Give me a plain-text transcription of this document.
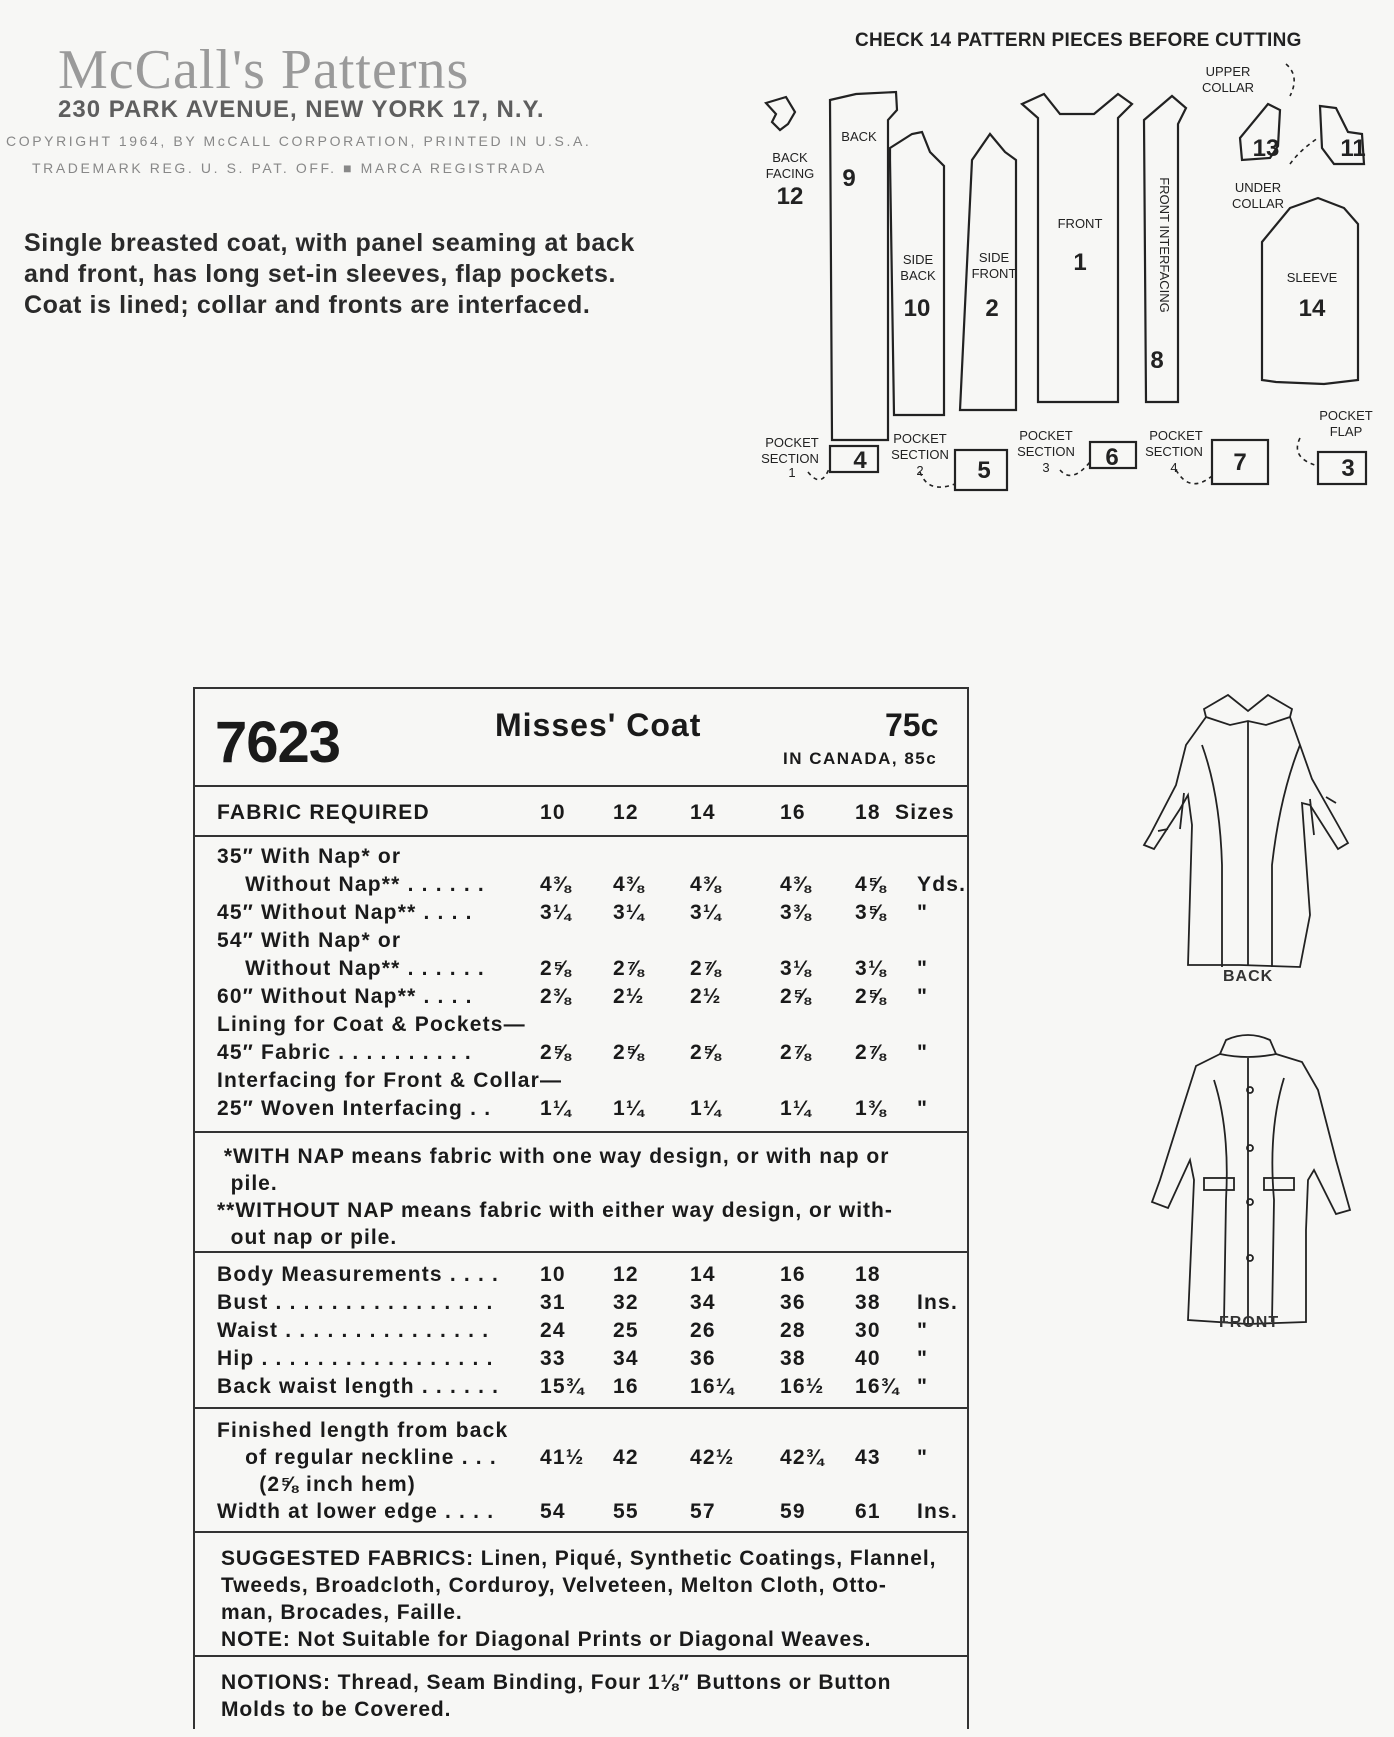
McCall's Patterns
230 PARK AVENUE, NEW YORK 17, N.Y.
COPYRIGHT 1964, BY McCALL CORPORATION, PRINTED IN U.S.A.
TRADEMARK REG. U. S. PAT. OFF. ■ MARCA REGISTRADA
Single breasted coat, with panel seaming at back
and front, has long set-in sleeves, flap pockets.
Coat is lined; collar and fronts are interfaced.
CHECK 14 PATTERN PIECES BEFORE CUTTING
BACK
FACING
BACK
SIDE
BACK
SIDE
FRONT
FRONT
UPPER
COLLAR
UNDER
COLLAR
SLEEVE
POCKET
SECTION
1
POCKET
SECTION
2
POCKET
SECTION
3
POCKET
SECTION
4
POCKET
FLAP
FRONT INTERFACING
12
9
10 2
1
8
13	11
14
4	5	6	7	3
7623	Misses' Coat	75c
IN CANADA, 85c
FABRIC REQUIRED	10	12	14	16	18 Sizes
35″ With Nap* or
Without Nap** . . . . . .	4⅜	4⅜	4⅜	4⅜	4⅝	Yds.
45″ Without Nap** . . . .	3¼	3¼	3¼	3⅜	3⅝	"
54″ With Nap* or
Without Nap** . . . . . .	2⅝	2⅞	2⅞	3⅛	3⅛	"
60″ Without Nap** . . . .	2⅜	2½	2½	2⅝	2⅝	"
Lining for Coat & Pockets—
45″ Fabric . . . . . . . . . .	2⅝	2⅝	2⅝	2⅞	2⅞	"
Interfacing for Front & Collar—
25″ Woven Interfacing . . 1¼	1¼	1¼	1¼	1⅜	"
*WITH NAP means fabric with one way design, or with nap or
pile.
**WITHOUT NAP means fabric with either way design, or with-
out nap or pile.
Body Measurements . . . . 10	12	14	16	18
Bust . . . . . . . . . . . . . . . . 31	32	34	36	38	Ins.
Waist . . . . . . . . . . . . . . . 24	25	26	28	30	"
Hip . . . . . . . . . . . . . . . . . 33	34	36	38	40	"
Back waist length . . . . . . 15¾ 16	16¼ 16½ 16¾ "
Finished length from back
of regular neckline . . . 41½ 42	42½ 42¾ 43	"
(2⅝ inch hem)
Width at lower edge . . . . 54	55	57	59	61	Ins.
SUGGESTED FABRICS: Linen, Piqué, Synthetic Coatings, Flannel,
Tweeds, Broadcloth, Corduroy, Velveteen, Melton Cloth, Otto-
man, Brocades, Faille.
NOTE: Not Suitable for Diagonal Prints or Diagonal Weaves.
NOTIONS: Thread, Seam Binding, Four 1⅛″ Buttons or Button
Molds to be Covered.
BACK
FRONT
